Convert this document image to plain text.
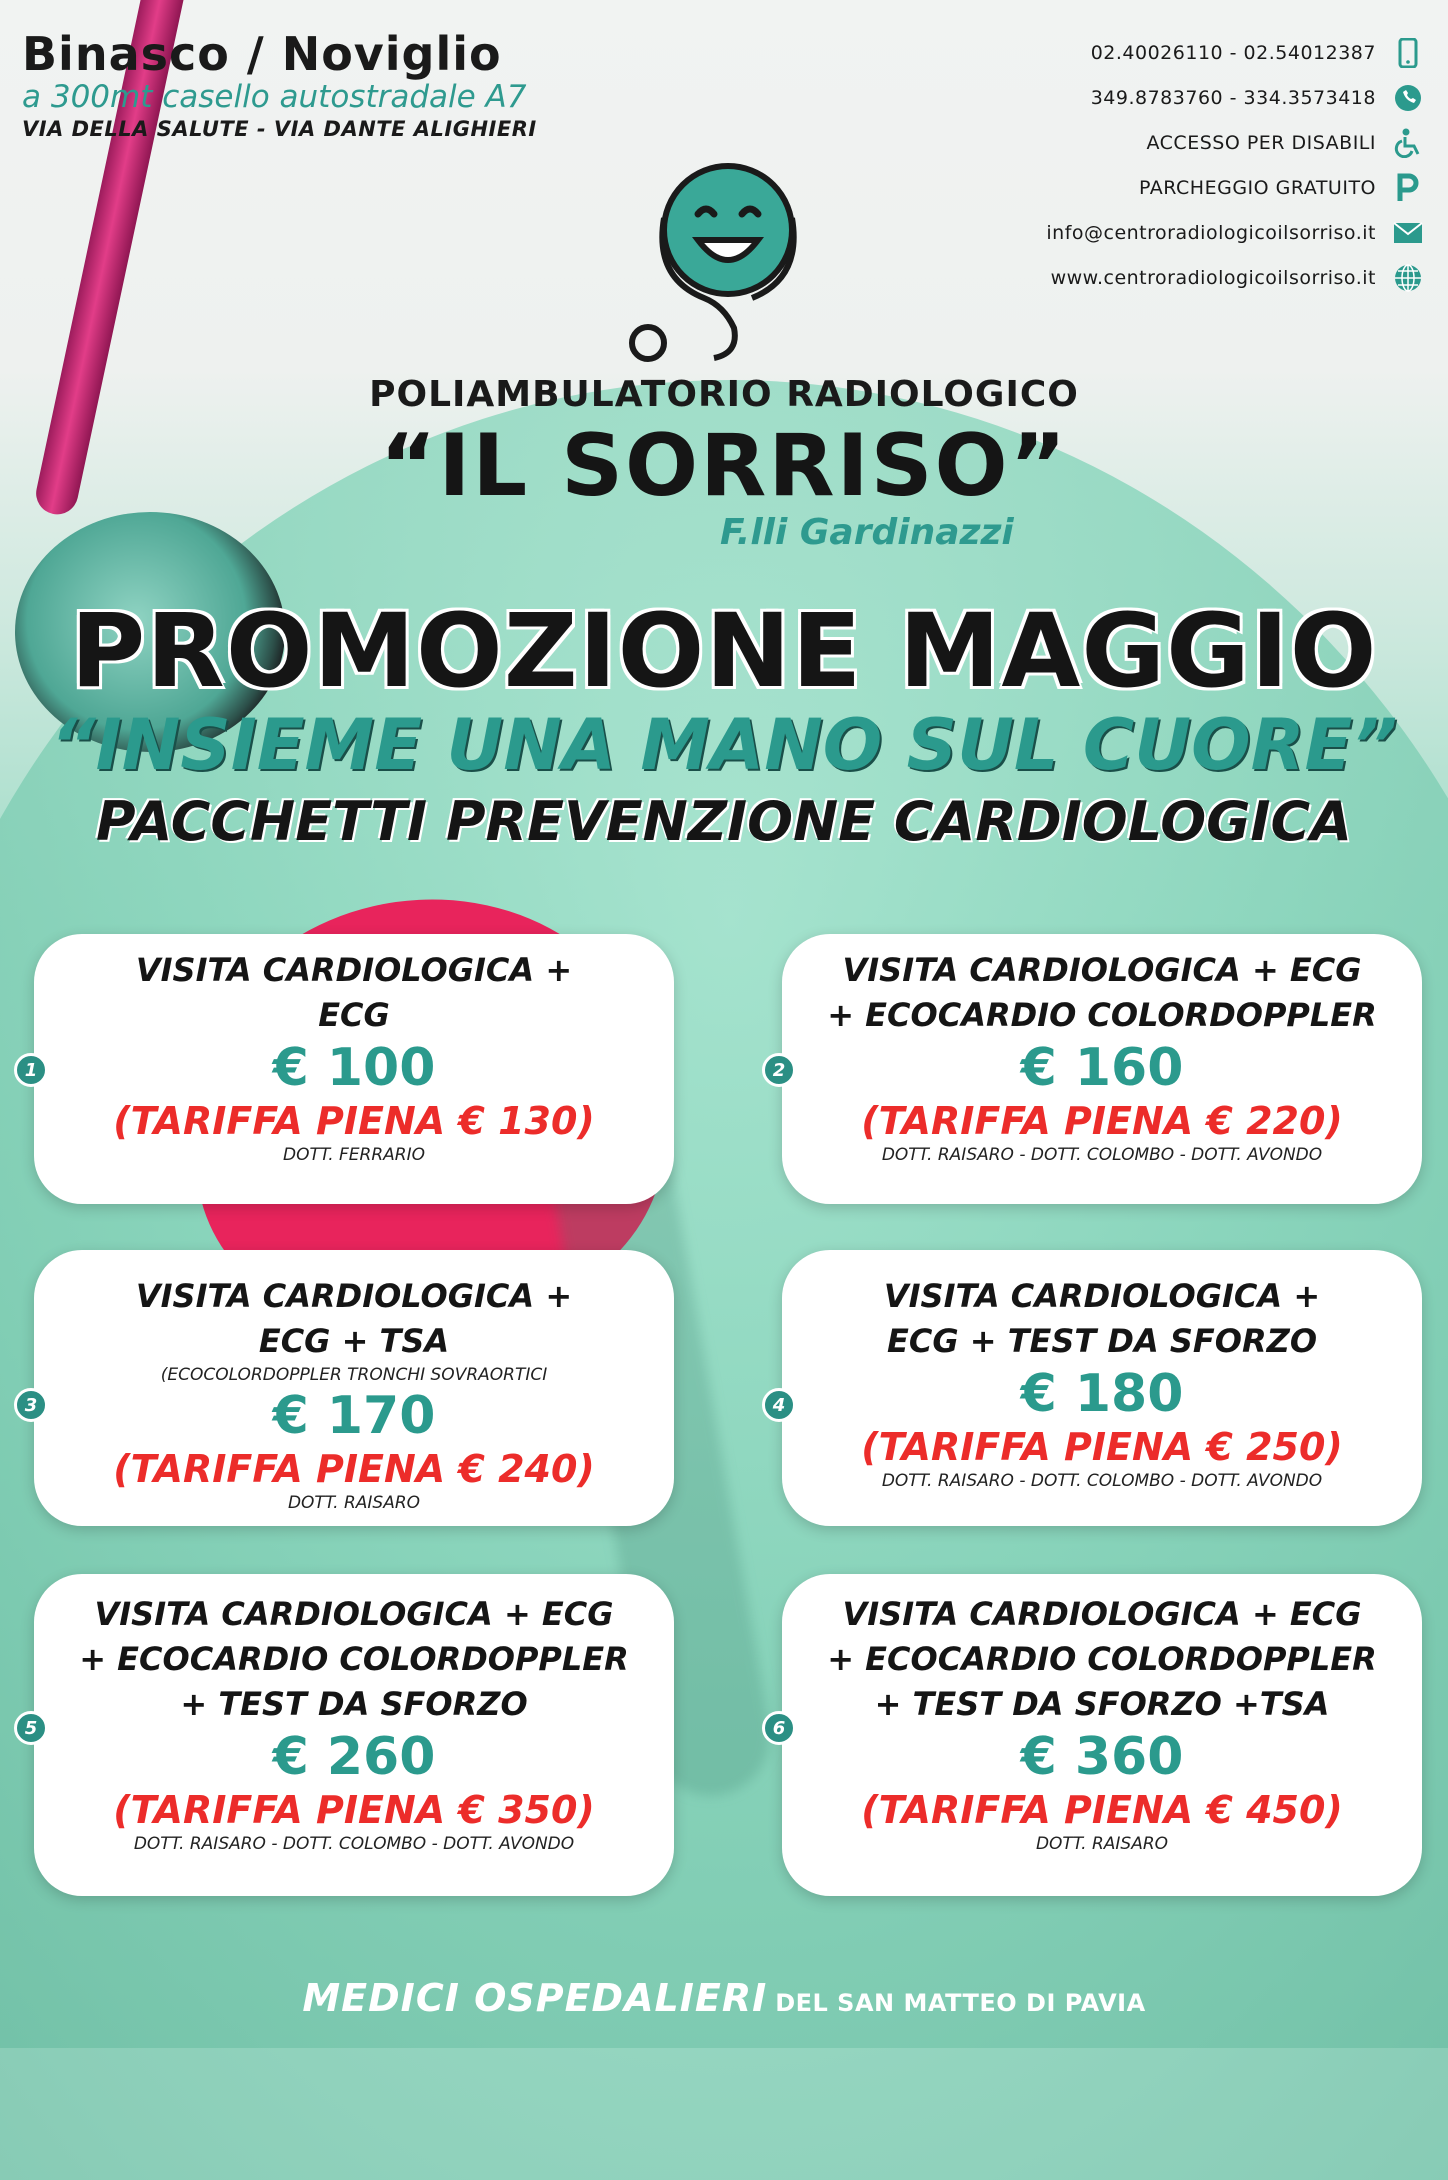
Binasco / Noviglio
a 300mt casello autostradale A7
VIA DELLA SALUTE - VIA DANTE ALIGHIERI
02.40026110 - 02.54012387
349.8783760 - 334.3573418
ACCESSO PER DISABILI
PARCHEGGIO GRATUITO
info@centroradiologicoilsorriso.it
www.centroradiologicoilsorriso.it
POLIAMBULATORIO RADIOLOGICO
“IL SORRISO”
F.lli Gardinazzi
PROMOZIONE MAGGIO
“INSIEME UNA MANO SUL CUORE”
PACCHETTI PREVENZIONE CARDIOLOGICA
VISITA CARDIOLOGICA +
ECG
€ 100
(TARIFFA PIENA € 130)
DOTT. FERRARIO
1
VISITA CARDIOLOGICA + ECG
+ ECOCARDIO COLORDOPPLER
€ 160
(TARIFFA PIENA € 220)
DOTT. RAISARO - DOTT. COLOMBO - DOTT. AVONDO
2
VISITA CARDIOLOGICA +
ECG + TSA
(ECOCOLORDOPPLER TRONCHI SOVRAORTICI
€ 170
(TARIFFA PIENA € 240)
DOTT. RAISARO
3
VISITA CARDIOLOGICA +
ECG + TEST DA SFORZO
€ 180
(TARIFFA PIENA € 250)
DOTT. RAISARO - DOTT. COLOMBO - DOTT. AVONDO
4
VISITA CARDIOLOGICA + ECG
+ ECOCARDIO COLORDOPPLER
+ TEST DA SFORZO
€ 260
(TARIFFA PIENA € 350)
DOTT. RAISARO - DOTT. COLOMBO - DOTT. AVONDO
5
VISITA CARDIOLOGICA + ECG
+ ECOCARDIO COLORDOPPLER
+ TEST DA SFORZO +TSA
€ 360
(TARIFFA PIENA € 450)
DOTT. RAISARO
6
MEDICI OSPEDALIERI DEL SAN MATTEO DI PAVIA
